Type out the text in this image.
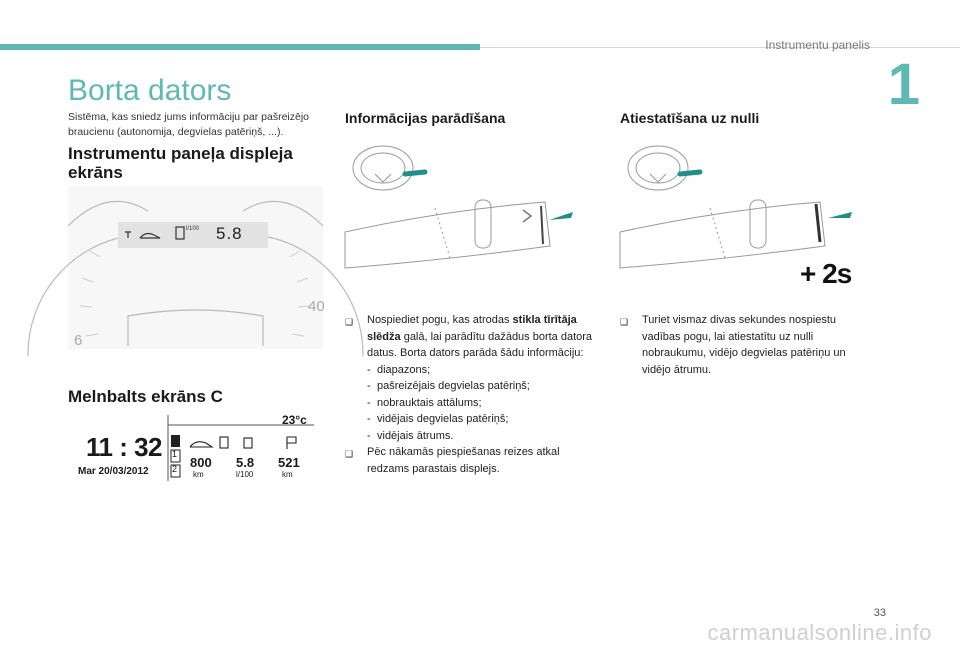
Instrumentu panelis
1
Borta dators
Sistēma, kas sniedz jums informāciju par pašreizējo braucienu (autonomija, degvielas patēriņš, ...).
Instrumentu paneļa displeja
ekrāns
l/100 5.8
6
40
Melnbalts ekrāns C
23°c
11 : 32
Mar 20/03/2012
1
2 800
km
5.8
l/100
521
km
Informācijas parādīšana
❑	Nospiediet pogu, kas atrodas stikla tīrītāja slēdža galā, lai parādītu dažādus borta datora datus. Borta dators parāda šādu informāciju:
- diapazons;
- pašreizējais degvielas patēriņš;
- nobrauktais attālums;
- vidējais degvielas patēriņš;
- vidējais ātrums.
❑	Pēc nākamās piespiešanas reizes atkal redzams parastais displejs.
Atiestatīšana uz nulli
+ 2s
❑	Turiet vismaz divas sekundes nospiestu vadības pogu, lai atiestatītu uz nulli nobraukumu, vidējo degvielas patēriņu un vidējo ātrumu.
33
carmanualsonline.info
